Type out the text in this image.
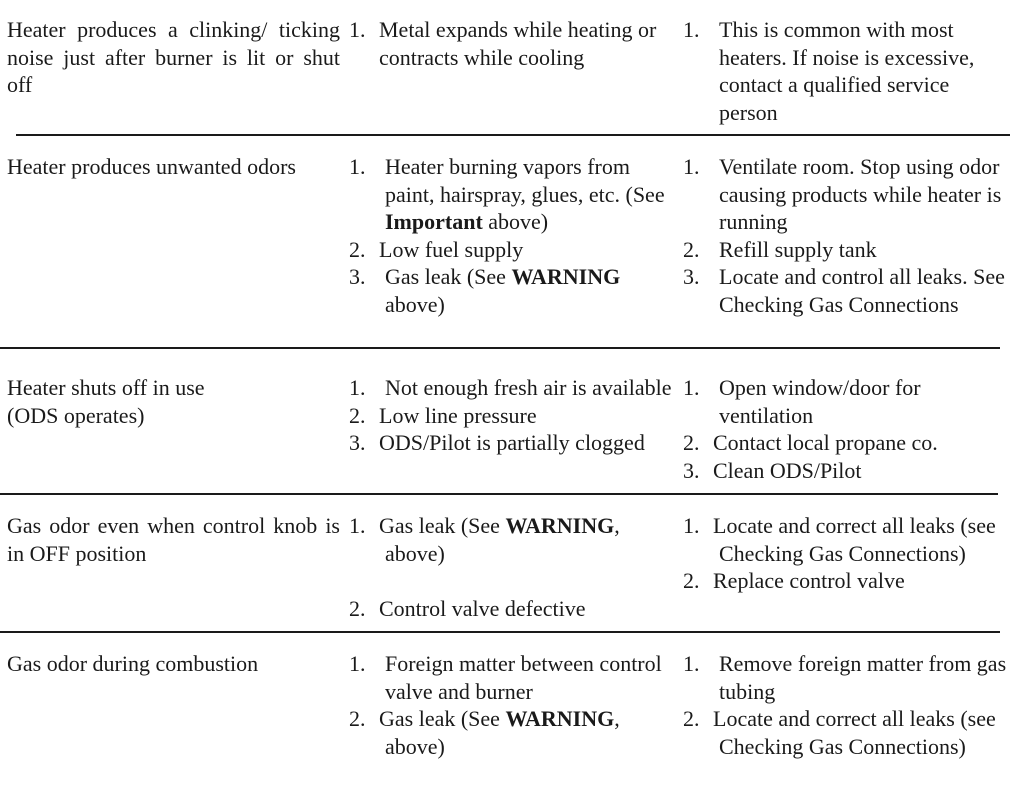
Heater produces a clinking/ ticking noise just after burner is lit or shut off
1. Metal expands while heating or contracts while cooling
1. This is common with most heaters. If noise is excessive, contact a qualified service person
Heater produces unwanted odors	1. Heater burning vapors from paint, hairspray, glues, etc. (See Important above)
2. Low fuel supply
3. Gas leak (See WARNING above)
1. Ventilate room. Stop using odor causing products while heater is running
2. Refill supply tank
3. Locate and control all leaks. See Checking Gas Connections
Heater shuts off in use
(ODS operates)
1. Not enough fresh air is available
2. Low line pressure
3. ODS/Pilot is partially clogged
1. Open window/door for ventilation
2. Contact local propane co.
3. Clean ODS/Pilot
Gas odor even when control knob is in OFF position
1. Gas leak (See WARNING, above)
2. Control valve defective
1. Locate and correct all leaks (see Checking Gas Connections)
2. Replace control valve
Gas odor during combustion	1. Foreign matter between control valve and burner
2. Gas leak (See WARNING, above)
1. Remove foreign matter from gas tubing
2. Locate and correct all leaks (see Checking Gas Connections)
